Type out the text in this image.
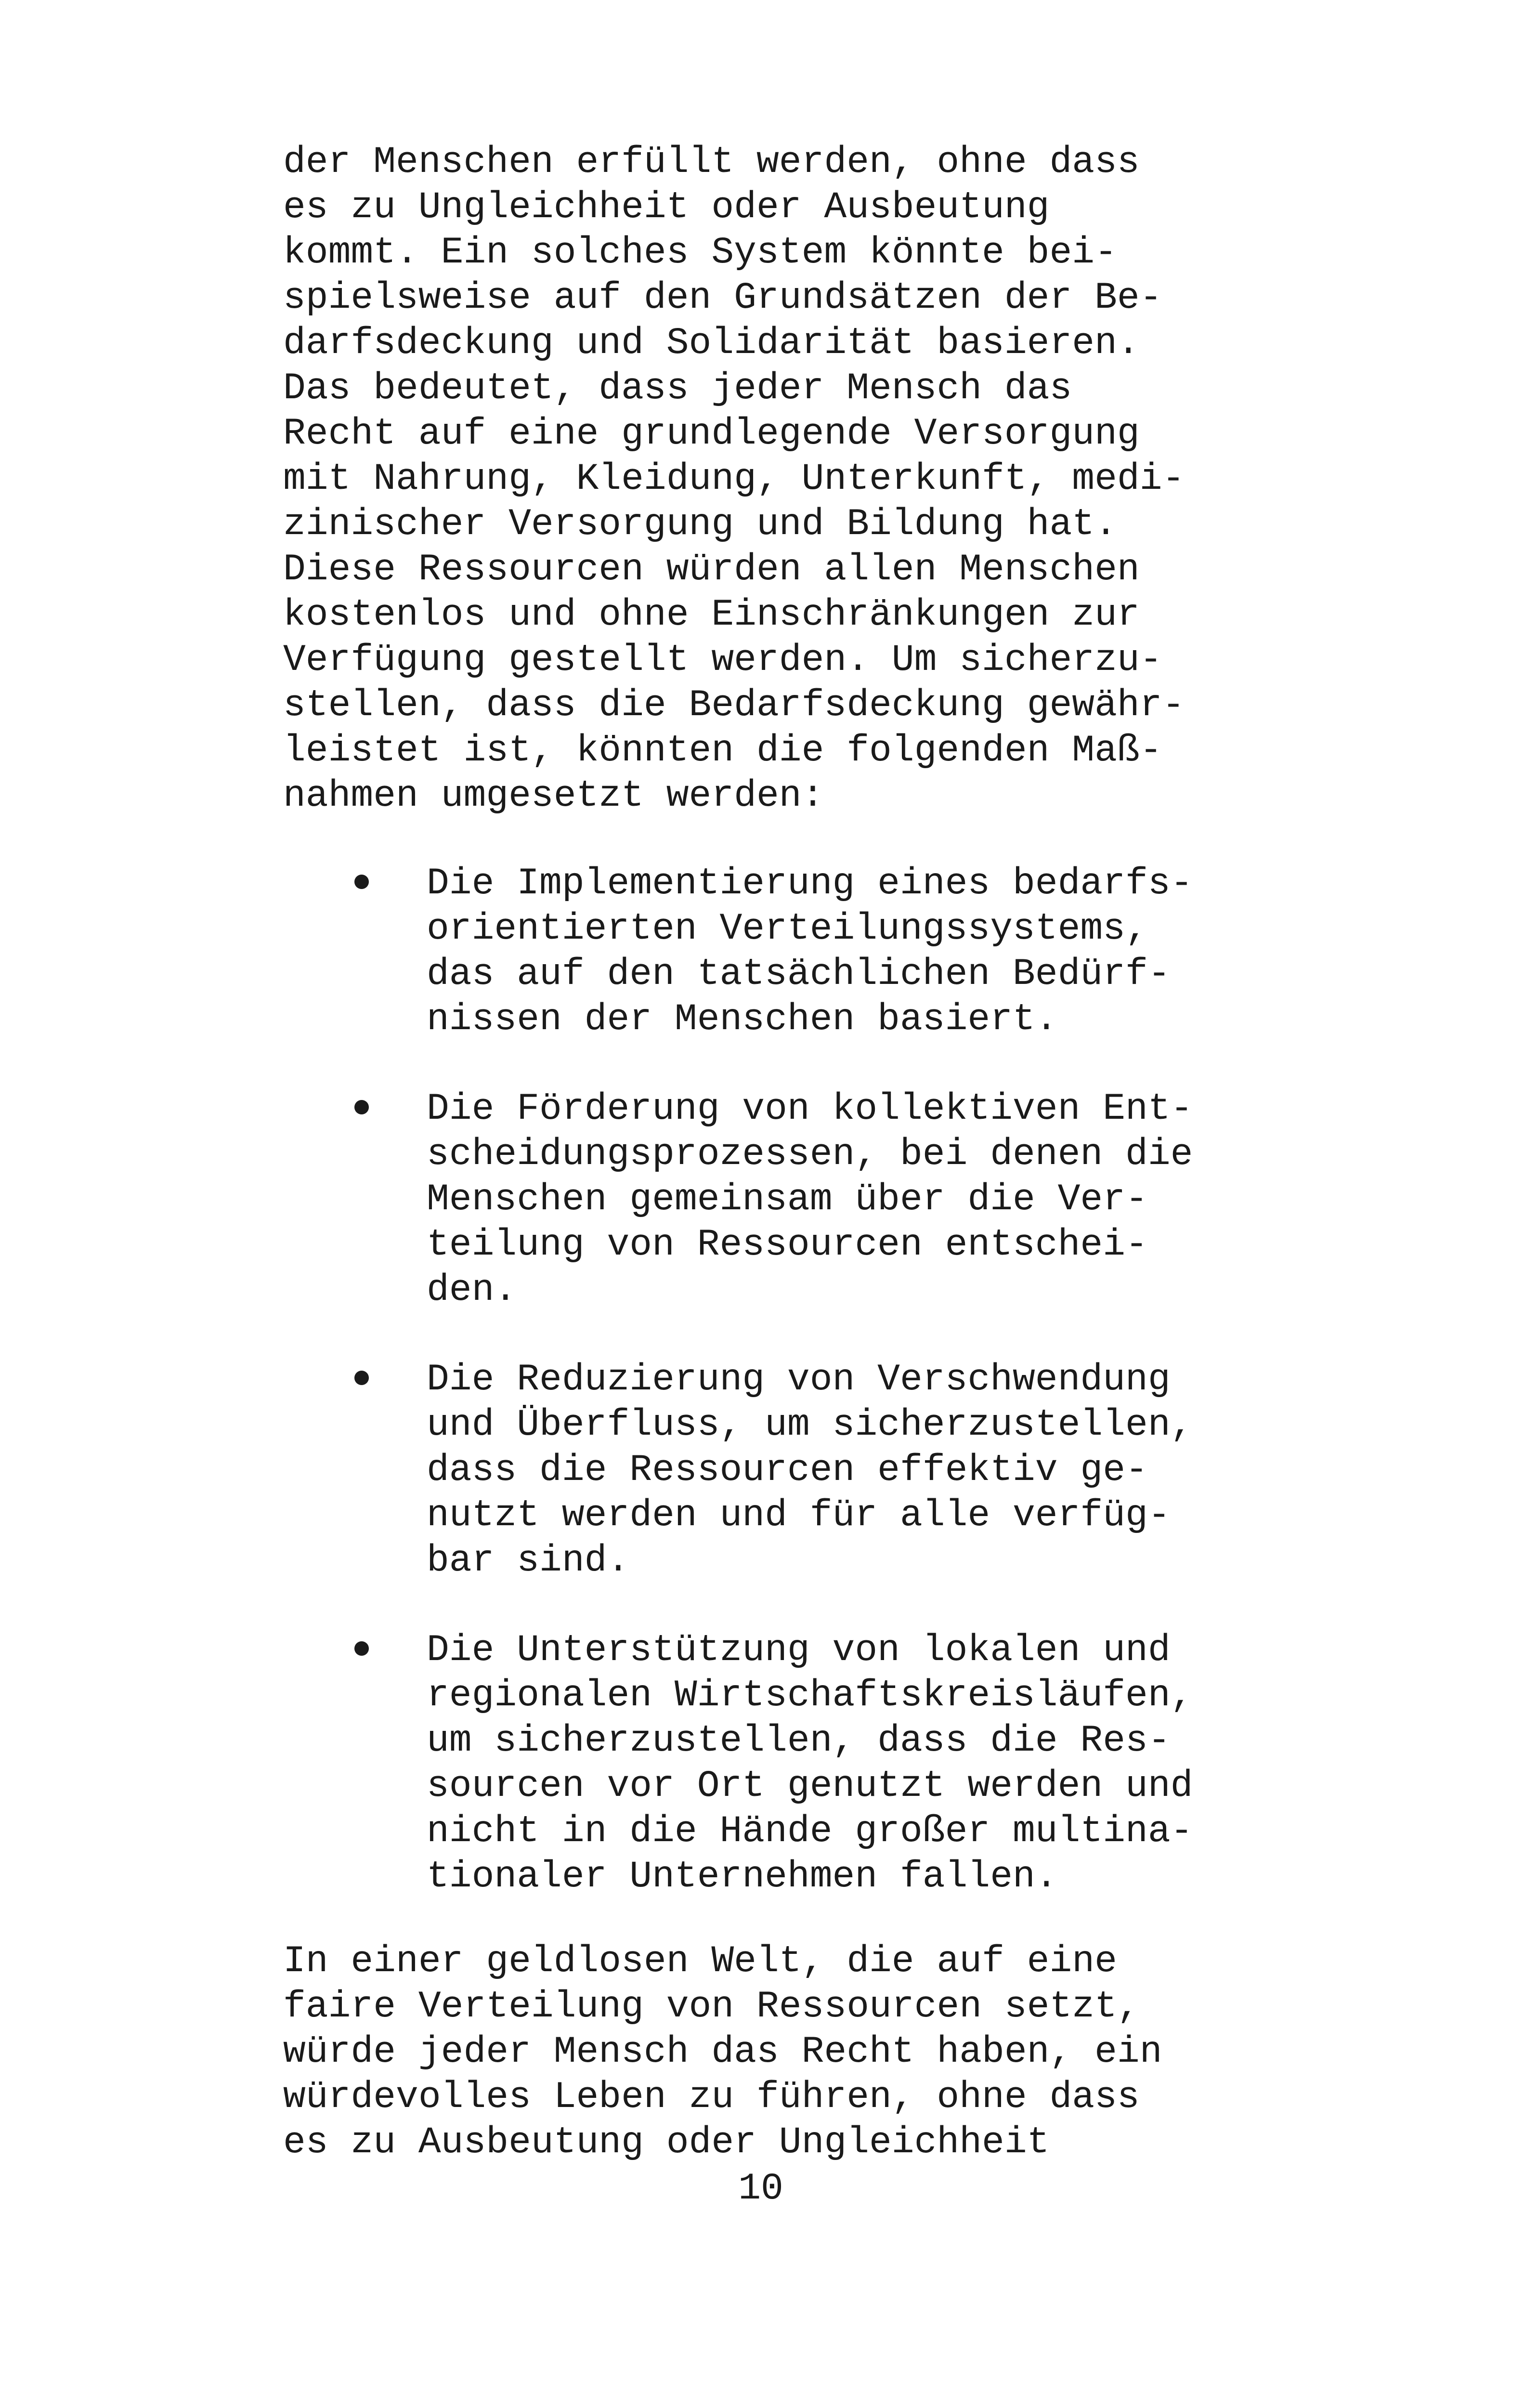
der Menschen erfüllt werden, ohne dass
es zu Ungleichheit oder Ausbeutung
kommt. Ein solches System könnte bei-
spielsweise auf den Grundsätzen der Be-
darfsdeckung und Solidarität basieren.
Das bedeutet, dass jeder Mensch das
Recht auf eine grundlegende Versorgung
mit Nahrung, Kleidung, Unterkunft, medi-
zinischer Versorgung und Bildung hat.
Diese Ressourcen würden allen Menschen
kostenlos und ohne Einschränkungen zur
Verfügung gestellt werden. Um sicherzu-
stellen, dass die Bedarfsdeckung gewähr-
leistet ist, könnten die folgenden Maß-
nahmen umgesetzt werden:
Die Implementierung eines bedarfs-
orientierten Verteilungssystems,
das auf den tatsächlichen Bedürf-
nissen der Menschen basiert.
Die Förderung von kollektiven Ent-
scheidungsprozessen, bei denen die
Menschen gemeinsam über die Ver-
teilung von Ressourcen entschei-
den.
Die Reduzierung von Verschwendung
und Überfluss, um sicherzustellen,
dass die Ressourcen effektiv ge-
nutzt werden und für alle verfüg-
bar sind.
Die Unterstützung von lokalen und
regionalen Wirtschaftskreisläufen,
um sicherzustellen, dass die Res-
sourcen vor Ort genutzt werden und
nicht in die Hände großer multina-
tionaler Unternehmen fallen.
In einer geldlosen Welt, die auf eine
faire Verteilung von Ressourcen setzt,
würde jeder Mensch das Recht haben, ein
würdevolles Leben zu führen, ohne dass
es zu Ausbeutung oder Ungleichheit
10
